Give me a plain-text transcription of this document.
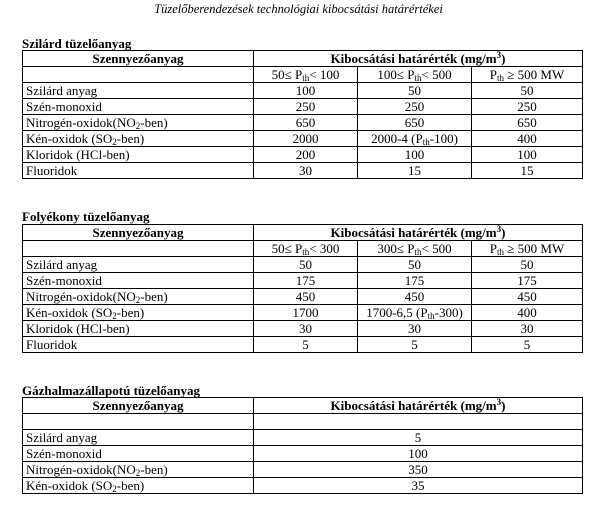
Tüzelőberendezések technológiai kibocsátási határértékei
Szilárd tüzelőanyag
Szennyezőanyag	Kibocsátási határérték $(mg/m^3)$		
	$50\le P_{th}< 100$	$100\le P_{th}< 500$	$P_{th} \ge 500$ MW
Szilárd anyag	100	50	50
Szén-monoxid	250	250	250
Nitrogén-$oxidok(NO_2-ben)$	650	650	650
Kén-oxidok $(SO_2-ben)$	2000	2000-4 $(P_{th}-100)$	400
Kloridok (HCl-ben)	200	100	100
Fluoridok	30	15	15
Folyékony tüzelőanyag
Szennyezőanyag	Kibocsátási határérték $(mg/m^3)$		
	$50\le P_{th}< 300$	$300\le P_{th}< 500$	$P_{th} \ge 500$ MW
Szilárd anyag	50	50	50
Szén-monoxid	175	175	175
Nitrogén-$oxidok(NO_2-ben)$	450	450	450
Kén-oxidok $(SO_2-ben)$	1700	1700-6,5 $(P_{th}-300)$	400
Kloridok (HCl-ben)	30	30	30
Fluoridok	5	5	5
Gázhalmazállapotú tüzelőanyag
Szennyezőanyag	Kibocsátási határérték $(mg/m^3)$

Szilárd anyag	5
Szén-monoxid	100
Nitrogén-$oxidok(NO_2-ben)$	350
Kén-oxidok $(SO_2-ben)$	35
